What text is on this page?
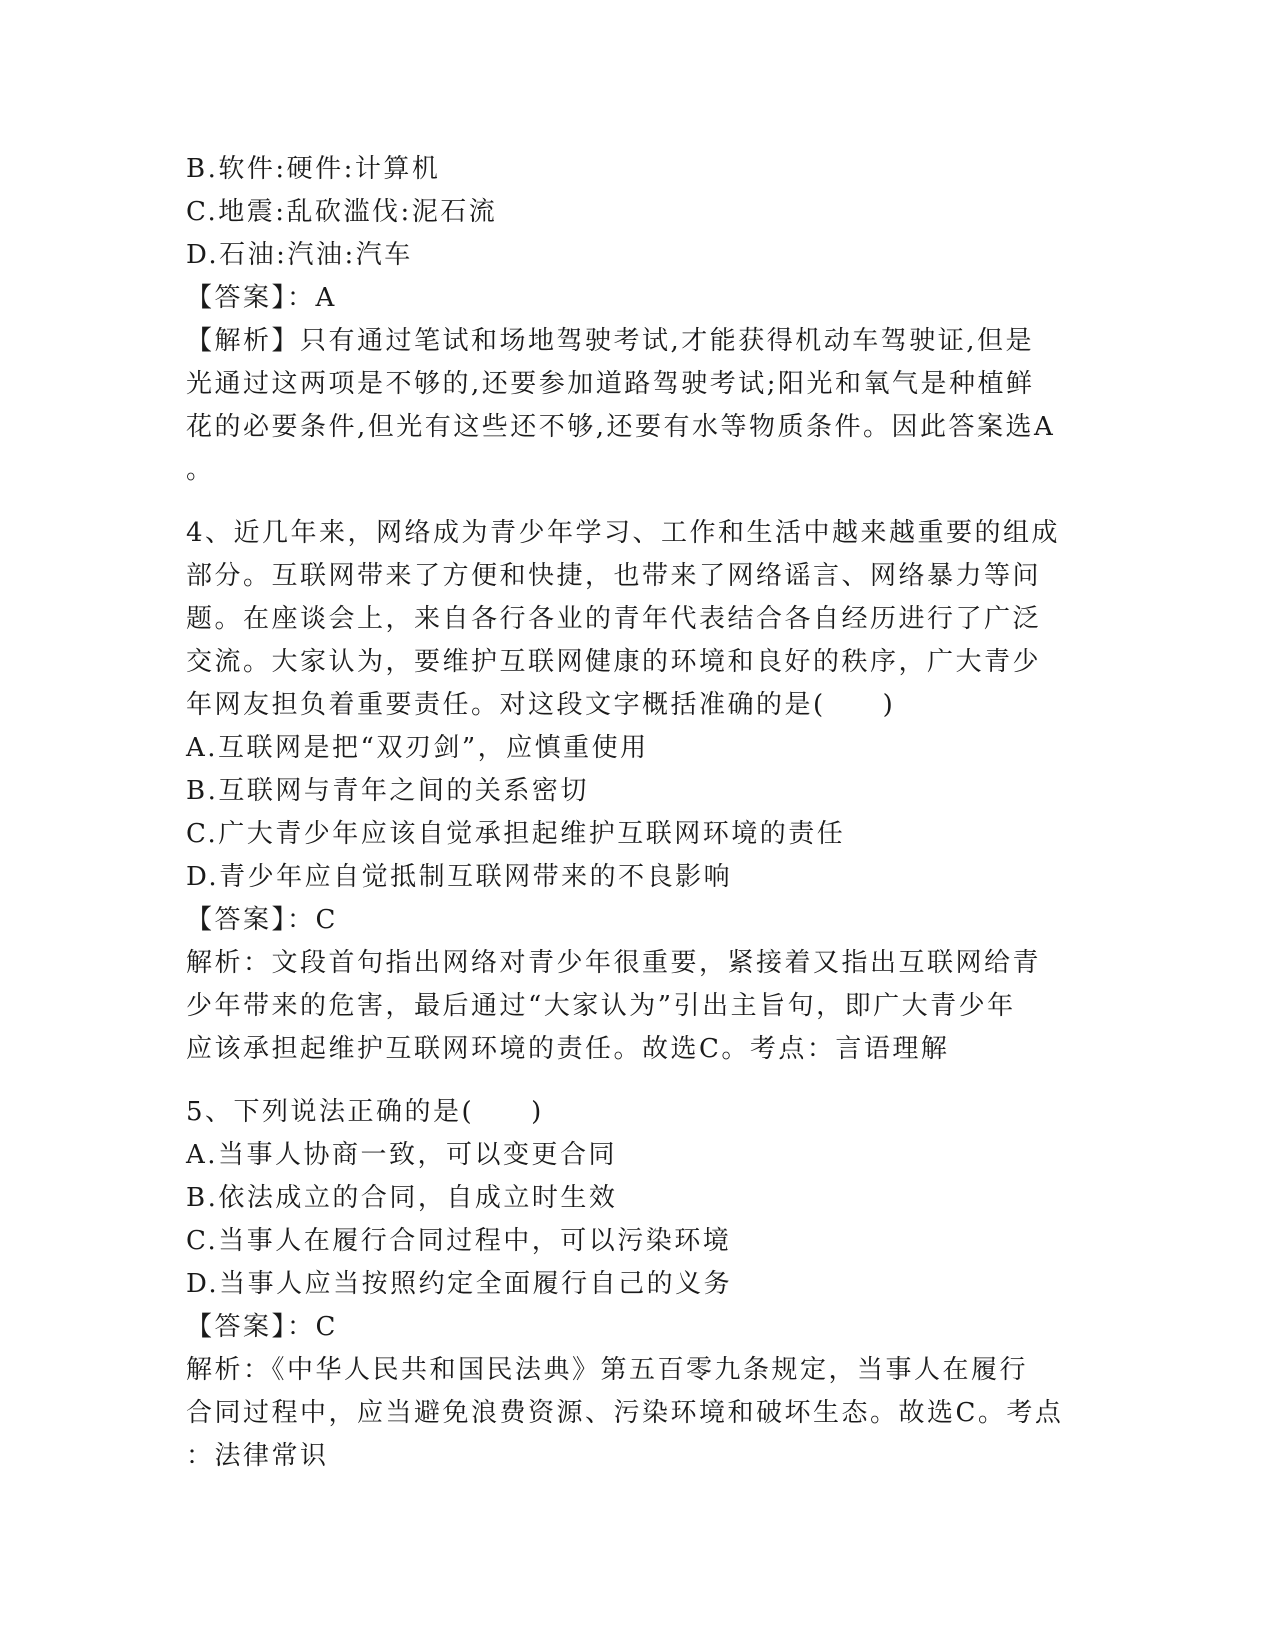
B.软件:硬件:计算机
C.地震:乱砍滥伐:泥石流
D.石油:汽油:汽车
【答案】：A
【解析】只有通过笔试和场地驾驶考试,才能获得机动车驾驶证,但是
光通过这两项是不够的,还要参加道路驾驶考试;阳光和氧气是种植鲜
花的必要条件,但光有这些还不够,还要有水等物质条件。因此答案选A
。
4、近几年来，网络成为青少年学习、工作和生活中越来越重要的组成
部分。互联网带来了方便和快捷，也带来了网络谣言、网络暴力等问
题。在座谈会上，来自各行各业的青年代表结合各自经历进行了广泛
交流。大家认为，要维护互联网健康的环境和良好的秩序，广大青少
年网友担负着重要责任。对这段文字概括准确的是(　　)
A.互联网是把“双刃剑”，应慎重使用
B.互联网与青年之间的关系密切
C.广大青少年应该自觉承担起维护互联网环境的责任
D.青少年应自觉抵制互联网带来的不良影响
【答案】：C
解析：文段首句指出网络对青少年很重要，紧接着又指出互联网给青
少年带来的危害，最后通过“大家认为”引出主旨句，即广大青少年
应该承担起维护互联网环境的责任。故选C。考点：言语理解
5、下列说法正确的是(　　)
A.当事人协商一致，可以变更合同
B.依法成立的合同，自成立时生效
C.当事人在履行合同过程中，可以污染环境
D.当事人应当按照约定全面履行自己的义务
【答案】：C
解析：《中华人民共和国民法典》第五百零九条规定，当事人在履行
合同过程中，应当避免浪费资源、污染环境和破坏生态。故选C。考点
：法律常识
